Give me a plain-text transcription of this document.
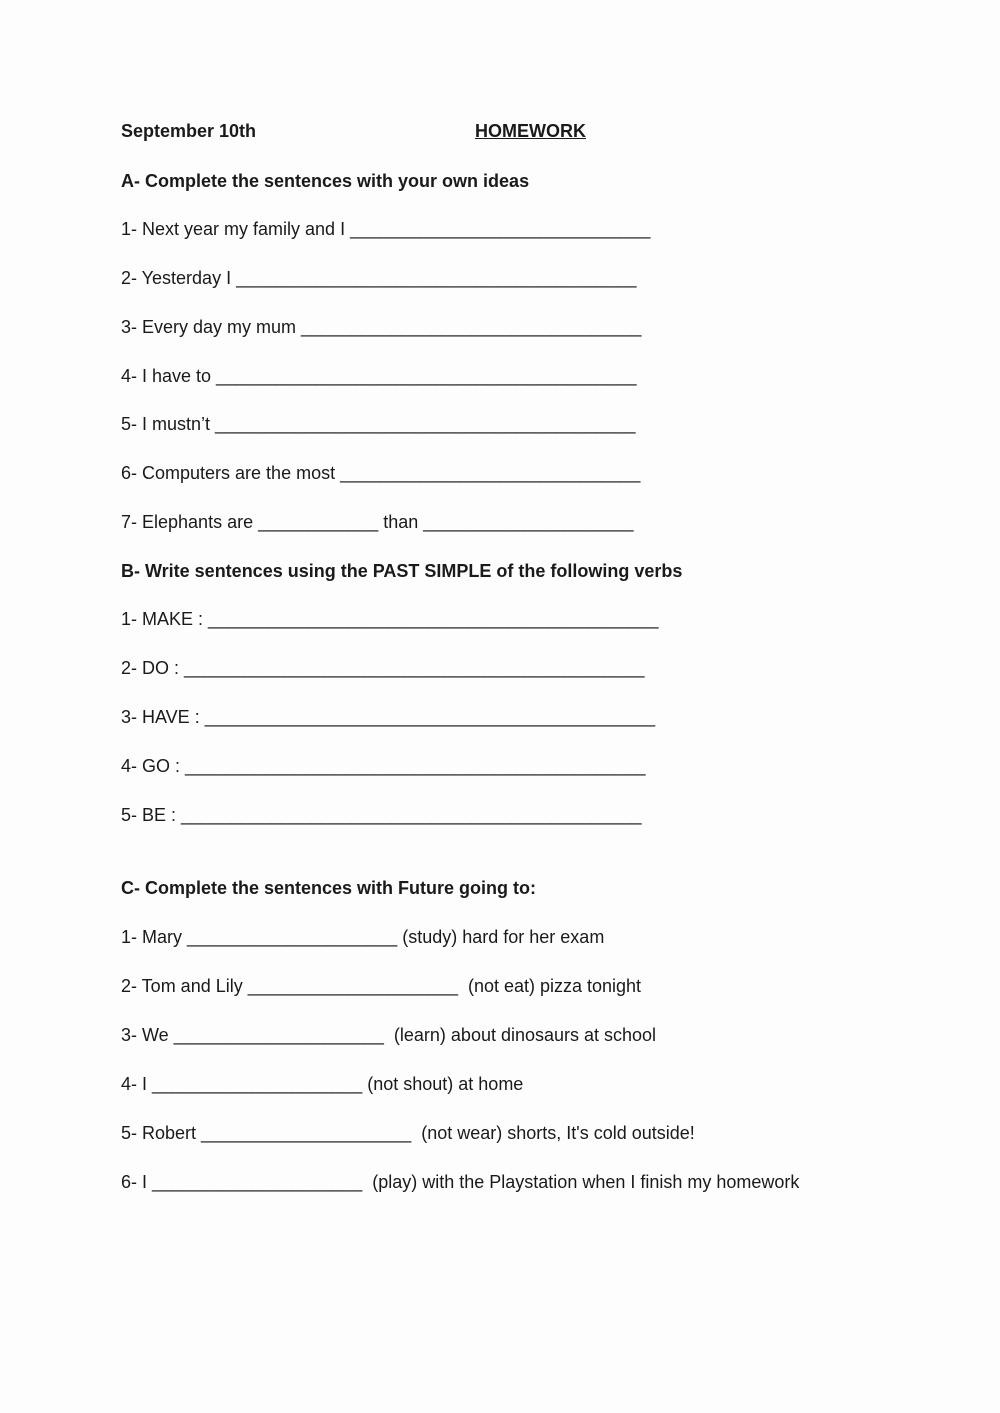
September 10th	HOMEWORK
A- Complete the sentences with your own ideas
1- Next year my family and I ______________________________
2- Yesterday I ________________________________________
3- Every day my mum __________________________________
4- I have to __________________________________________
5- I mustn’t __________________________________________
6- Computers are the most ______________________________
7- Elephants are ____________ than _____________________
B- Write sentences using the PAST SIMPLE of the following verbs
1- MAKE : _____________________________________________
2- DO : ______________________________________________
3- HAVE : _____________________________________________
4- GO : ______________________________________________
5- BE : ______________________________________________
C- Complete the sentences with Future going to:
1- Mary _____________________ (study) hard for her exam
2- Tom and Lily _____________________  (not eat) pizza tonight
3- We _____________________  (learn) about dinosaurs at school
4- I _____________________ (not shout) at home
5- Robert _____________________  (not wear) shorts, It's cold outside!
6- I _____________________  (play) with the Playstation when I finish my homework
